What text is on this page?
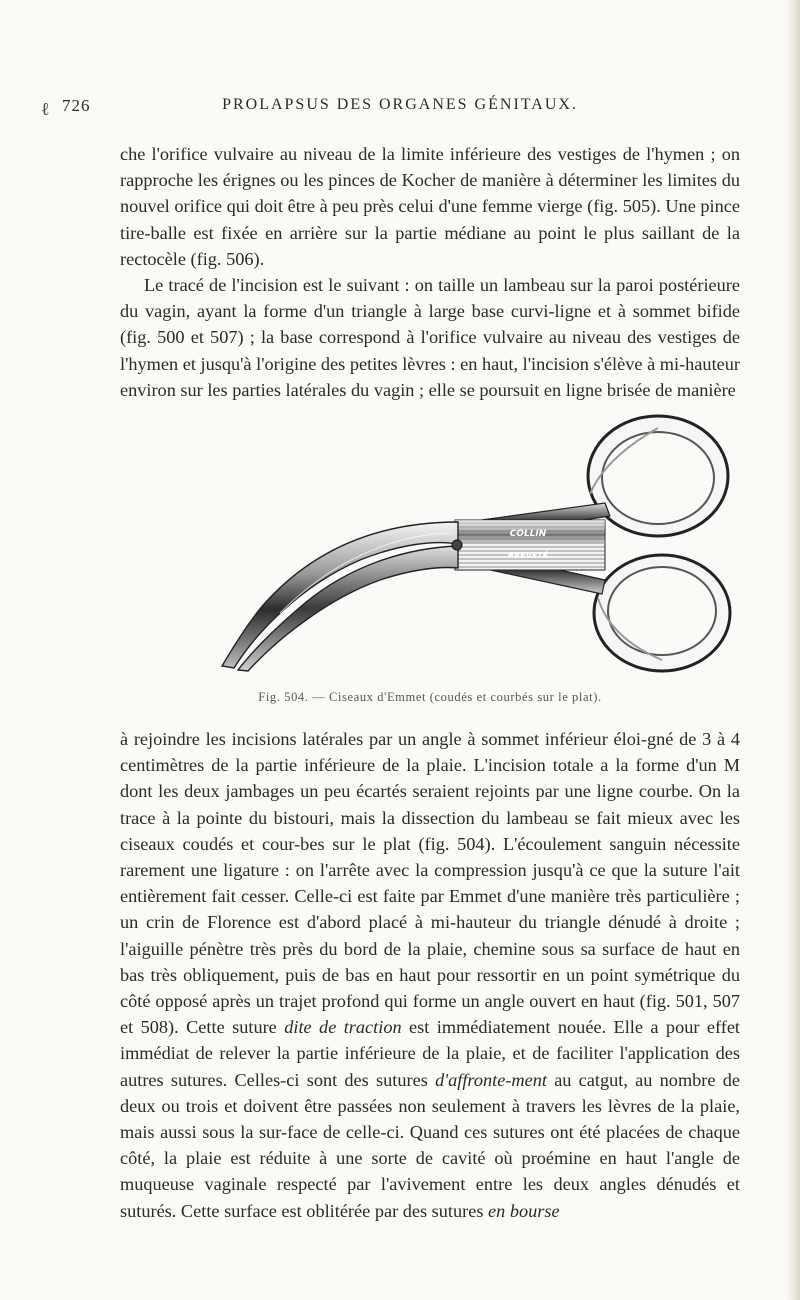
ℓ 726	PROLAPSUS DES ORGANES GÉNITAUX.

che l'orifice vulvaire au niveau de la limite inférieure des vestiges de l'hymen ; on rapproche les érignes ou les pinces de Kocher de manière à déterminer les limites du nouvel orifice qui doit être à peu près celui d'une femme vierge (fig. 505). Une pince tire-balle est fixée en arrière sur la partie médiane au point le plus saillant de la rectocèle (fig. 506).

Le tracé de l'incision est le suivant : on taille un lambeau sur la paroi postérieure du vagin, ayant la forme d'un triangle à large base curvi-ligne et à sommet bifide (fig. 500 et 507) ; la base correspond à l'orifice vulvaire au niveau des vestiges de l'hymen et jusqu'à l'origine des petites lèvres : en haut, l'incision s'élève à mi-hauteur environ sur les parties latérales du vagin ; elle se poursuit en ligne brisée de manière

COLLIN
BREVETÉ
Fig. 504. — Ciseaux d'Emmet (coudés et courbés sur le plat).

à rejoindre les incisions latérales par un angle à sommet inférieur éloi-gné de 3 à 4 centimètres de la partie inférieure de la plaie. L'incision totale a la forme d'un M dont les deux jambages un peu écartés seraient rejoints par une ligne courbe. On la trace à la pointe du bistouri, mais la dissection du lambeau se fait mieux avec les ciseaux coudés et cour-bes sur le plat (fig. 504). L'écoulement sanguin nécessite rarement une ligature : on l'arrête avec la compression jusqu'à ce que la suture l'ait entièrement fait cesser. Celle-ci est faite par Emmet d'une manière très particulière ; un crin de Florence est d'abord placé à mi-hauteur du triangle dénudé à droite ; l'aiguille pénètre très près du bord de la plaie, chemine sous sa surface de haut en bas très obliquement, puis de bas en haut pour ressortir en un point symétrique du côté opposé après un trajet profond qui forme un angle ouvert en haut (fig. 501, 507 et 508). Cette suture dite de traction est immédiatement nouée. Elle a pour effet immédiat de relever la partie inférieure de la plaie, et de faciliter l'application des autres sutures. Celles-ci sont des sutures d'affronte-ment au catgut, au nombre de deux ou trois et doivent être passées non seulement à travers les lèvres de la plaie, mais aussi sous la sur-face de celle-ci. Quand ces sutures ont été placées de chaque côté, la plaie est réduite à une sorte de cavité où proémine en haut l'angle de muqueuse vaginale respecté par l'avivement entre les deux angles dénudés et suturés. Cette surface est oblitérée par des sutures en bourse
